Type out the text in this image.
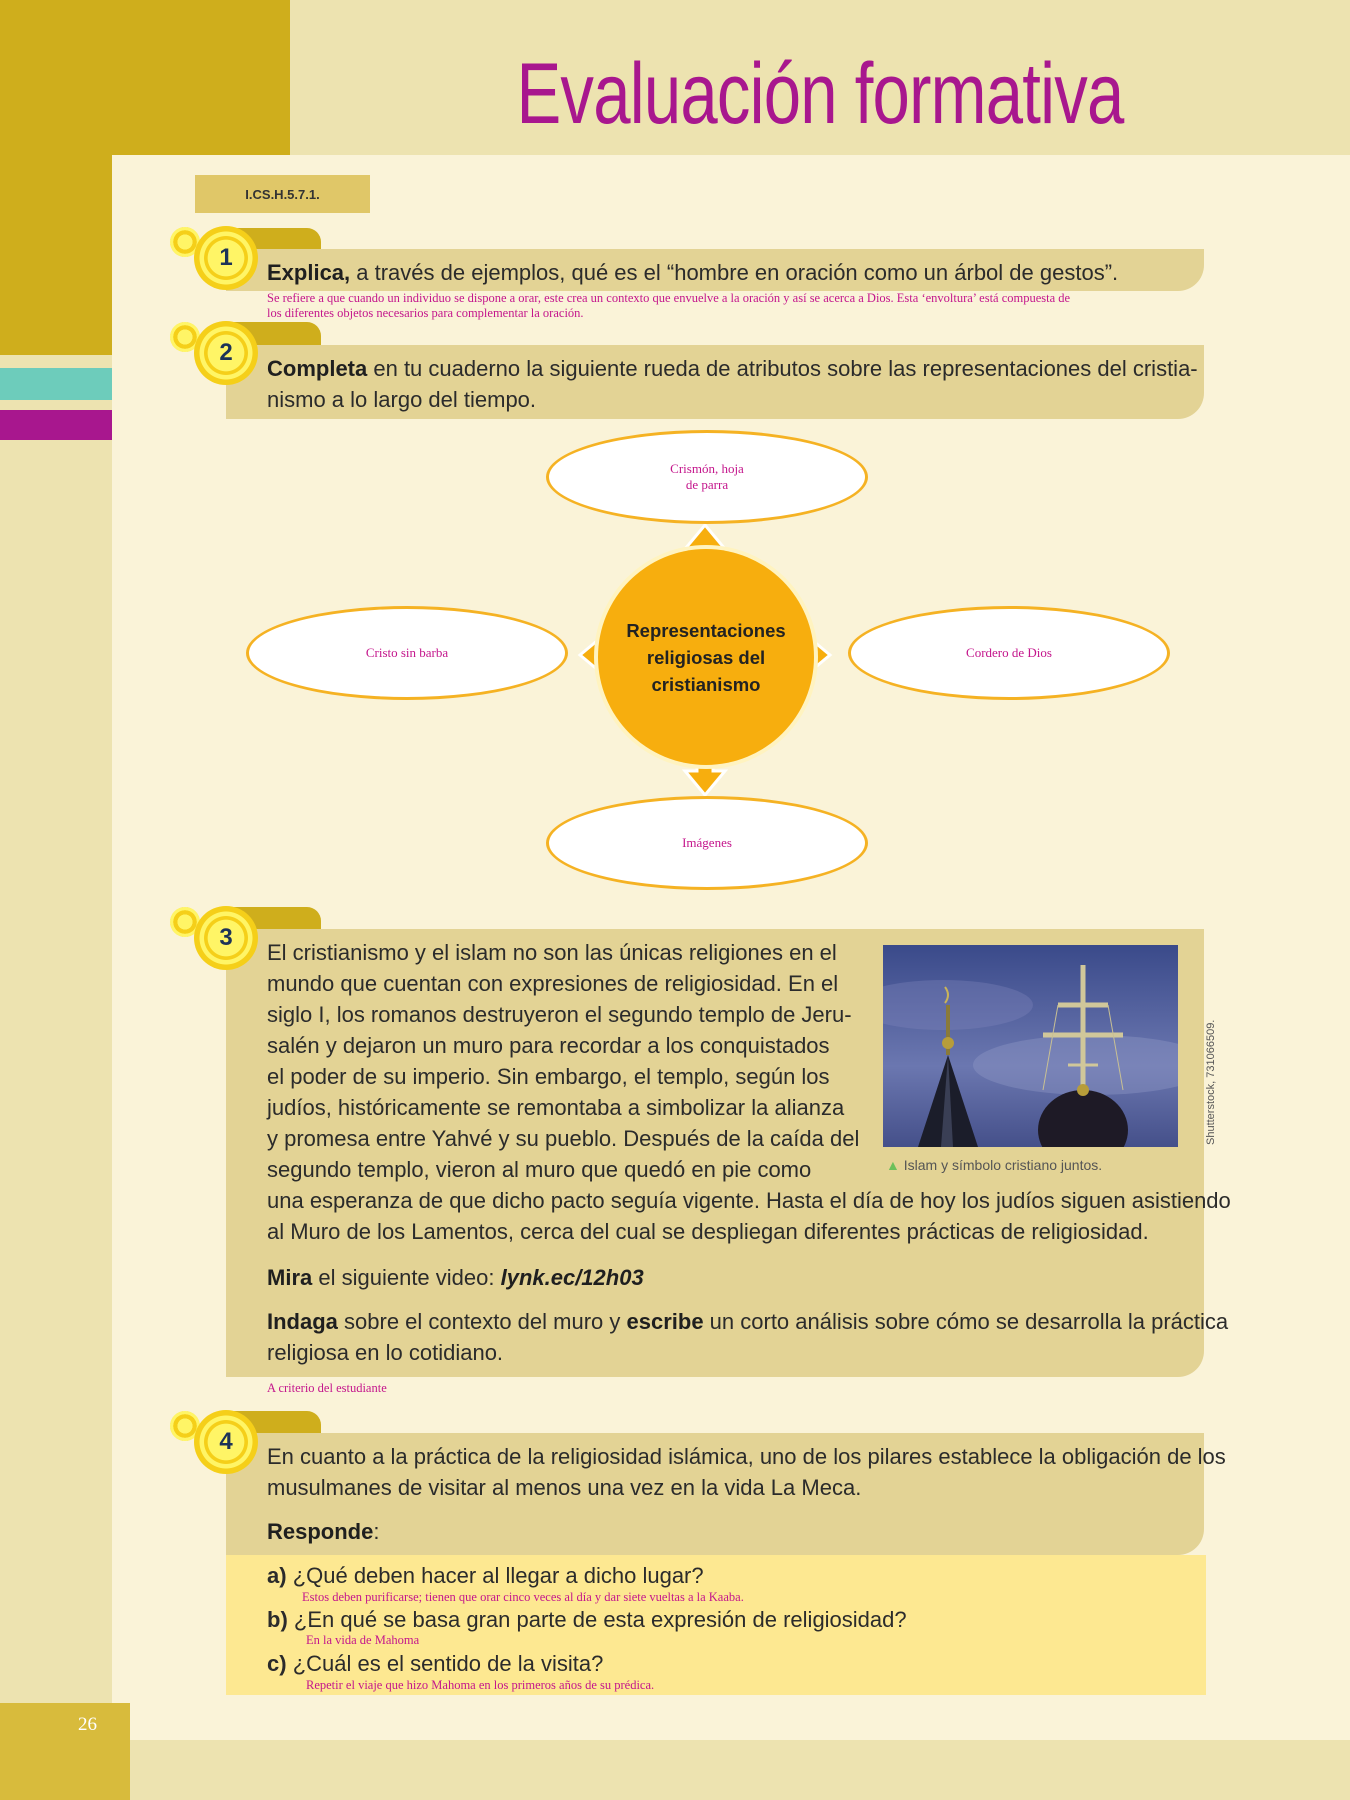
26
Evaluación formativa
I.CS.H.5.7.1.
1
Explica, a través de ejemplos, qué es el “hombre en oración como un árbol de gestos”.
Se refiere a que cuando un individuo se dispone a orar, este crea un contexto que envuelve a la oración y así se acerca a Dios. Esta ‘envoltura’ está compuesta de
los diferentes objetos necesarios para complementar la oración.
2
Completa en tu cuaderno la siguiente rueda de atributos sobre las representaciones del cristia-
nismo a lo largo del tiempo.
Representaciones
religiosas del
cristianismo
Crismón, hoja
de parra
Cristo sin barba	Cordero de Dios
Imágenes
3
El cristianismo y el islam no son las únicas religiones en el
mundo que cuentan con expresiones de religiosidad. En el
siglo I, los romanos destruyeron el segundo templo de Jeru-
salén y dejaron un muro para recordar a los conquistados
el poder de su imperio. Sin embargo, el templo, según los
judíos, históricamente se remontaba a simbolizar la alianza
y promesa entre Yahvé y su pueblo. Después de la caída del
segundo templo, vieron al muro que quedó en pie como
una esperanza de que dicho pacto seguía vigente. Hasta el día de hoy los judíos siguen asistiendo
al Muro de los Lamentos, cerca del cual se despliegan diferentes prácticas de religiosidad.
Mira el siguiente video: lynk.ec/12h03
Indaga sobre el contexto del muro y escribe un corto análisis sobre cómo se desarrolla la práctica
religiosa en lo cotidiano.
A criterio del estudiante
▲ Islam y símbolo cristiano juntos.
Shutterstock, 731066509.
4
En cuanto a la práctica de la religiosidad islámica, uno de los pilares establece la obligación de los
musulmanes de visitar al menos una vez en la vida La Meca.
Responde:
a) ¿Qué deben hacer al llegar a dicho lugar?
Estos deben purificarse; tienen que orar cinco veces al día y dar siete vueltas a la Kaaba.
b) ¿En qué se basa gran parte de esta expresión de religiosidad?
En la vida de Mahoma
c) ¿Cuál es el sentido de la visita?
Repetir el viaje que hizo Mahoma en los primeros años de su prédica.
